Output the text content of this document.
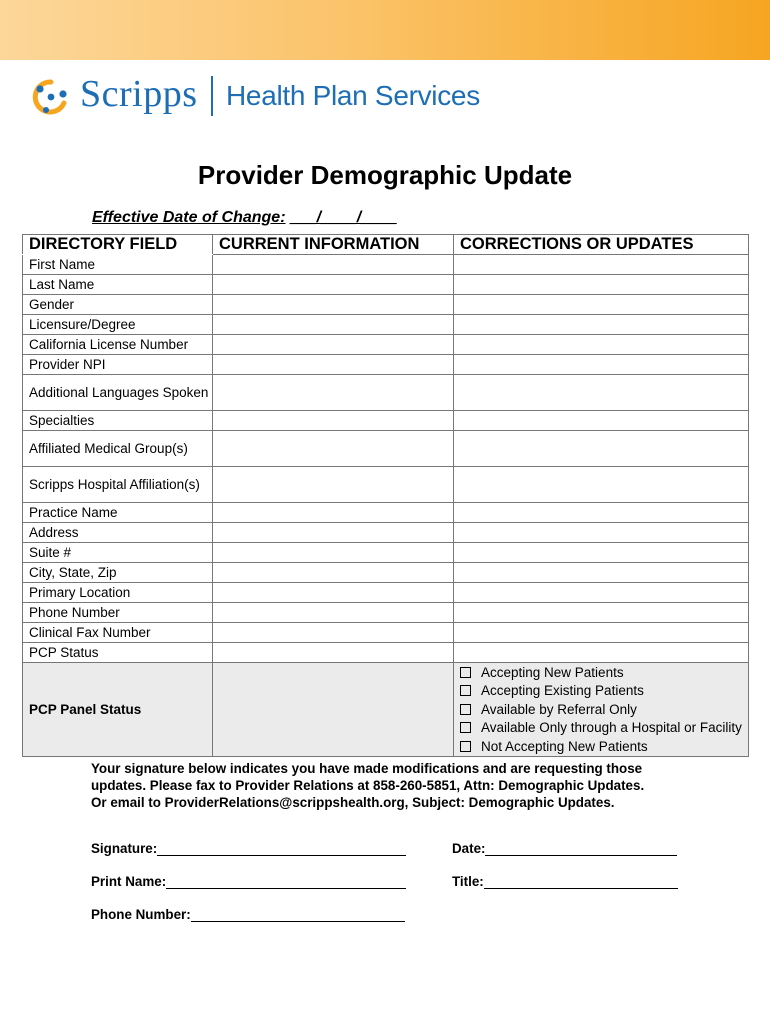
Scripps Health Plan Services
Provider Demographic Update
Effective Date of Change: ___/____/____
DIRECTORY FIELD	CURRENT INFORMATION	CORRECTIONS OR UPDATES
First Name		
Last Name		
Gender		
Licensure/Degree		
California License Number		
Provider NPI		
Additional Languages Spoken		
Specialties		
Affiliated Medical Group(s)		
Scripps Hospital Affiliation(s)		
Practice Name		
Address		
Suite #		
City, State, Zip		
Primary Location		
Phone Number		
Clinical Fax Number		
PCP Status		
PCP Panel Status		Accepting New Patients
Accepting Existing Patients
Available by Referral Only
Available Only through a Hospital or Facility
Not Accepting New Patients
Your signature below indicates you have made modifications and are requesting those
updates. Please fax to Provider Relations at 858-260-5851, Attn: Demographic Updates.
Or email to ProviderRelations@scrippshealth.org, Subject: Demographic Updates.
Signature:	Date:
Print Name:	Title:
Phone Number:
